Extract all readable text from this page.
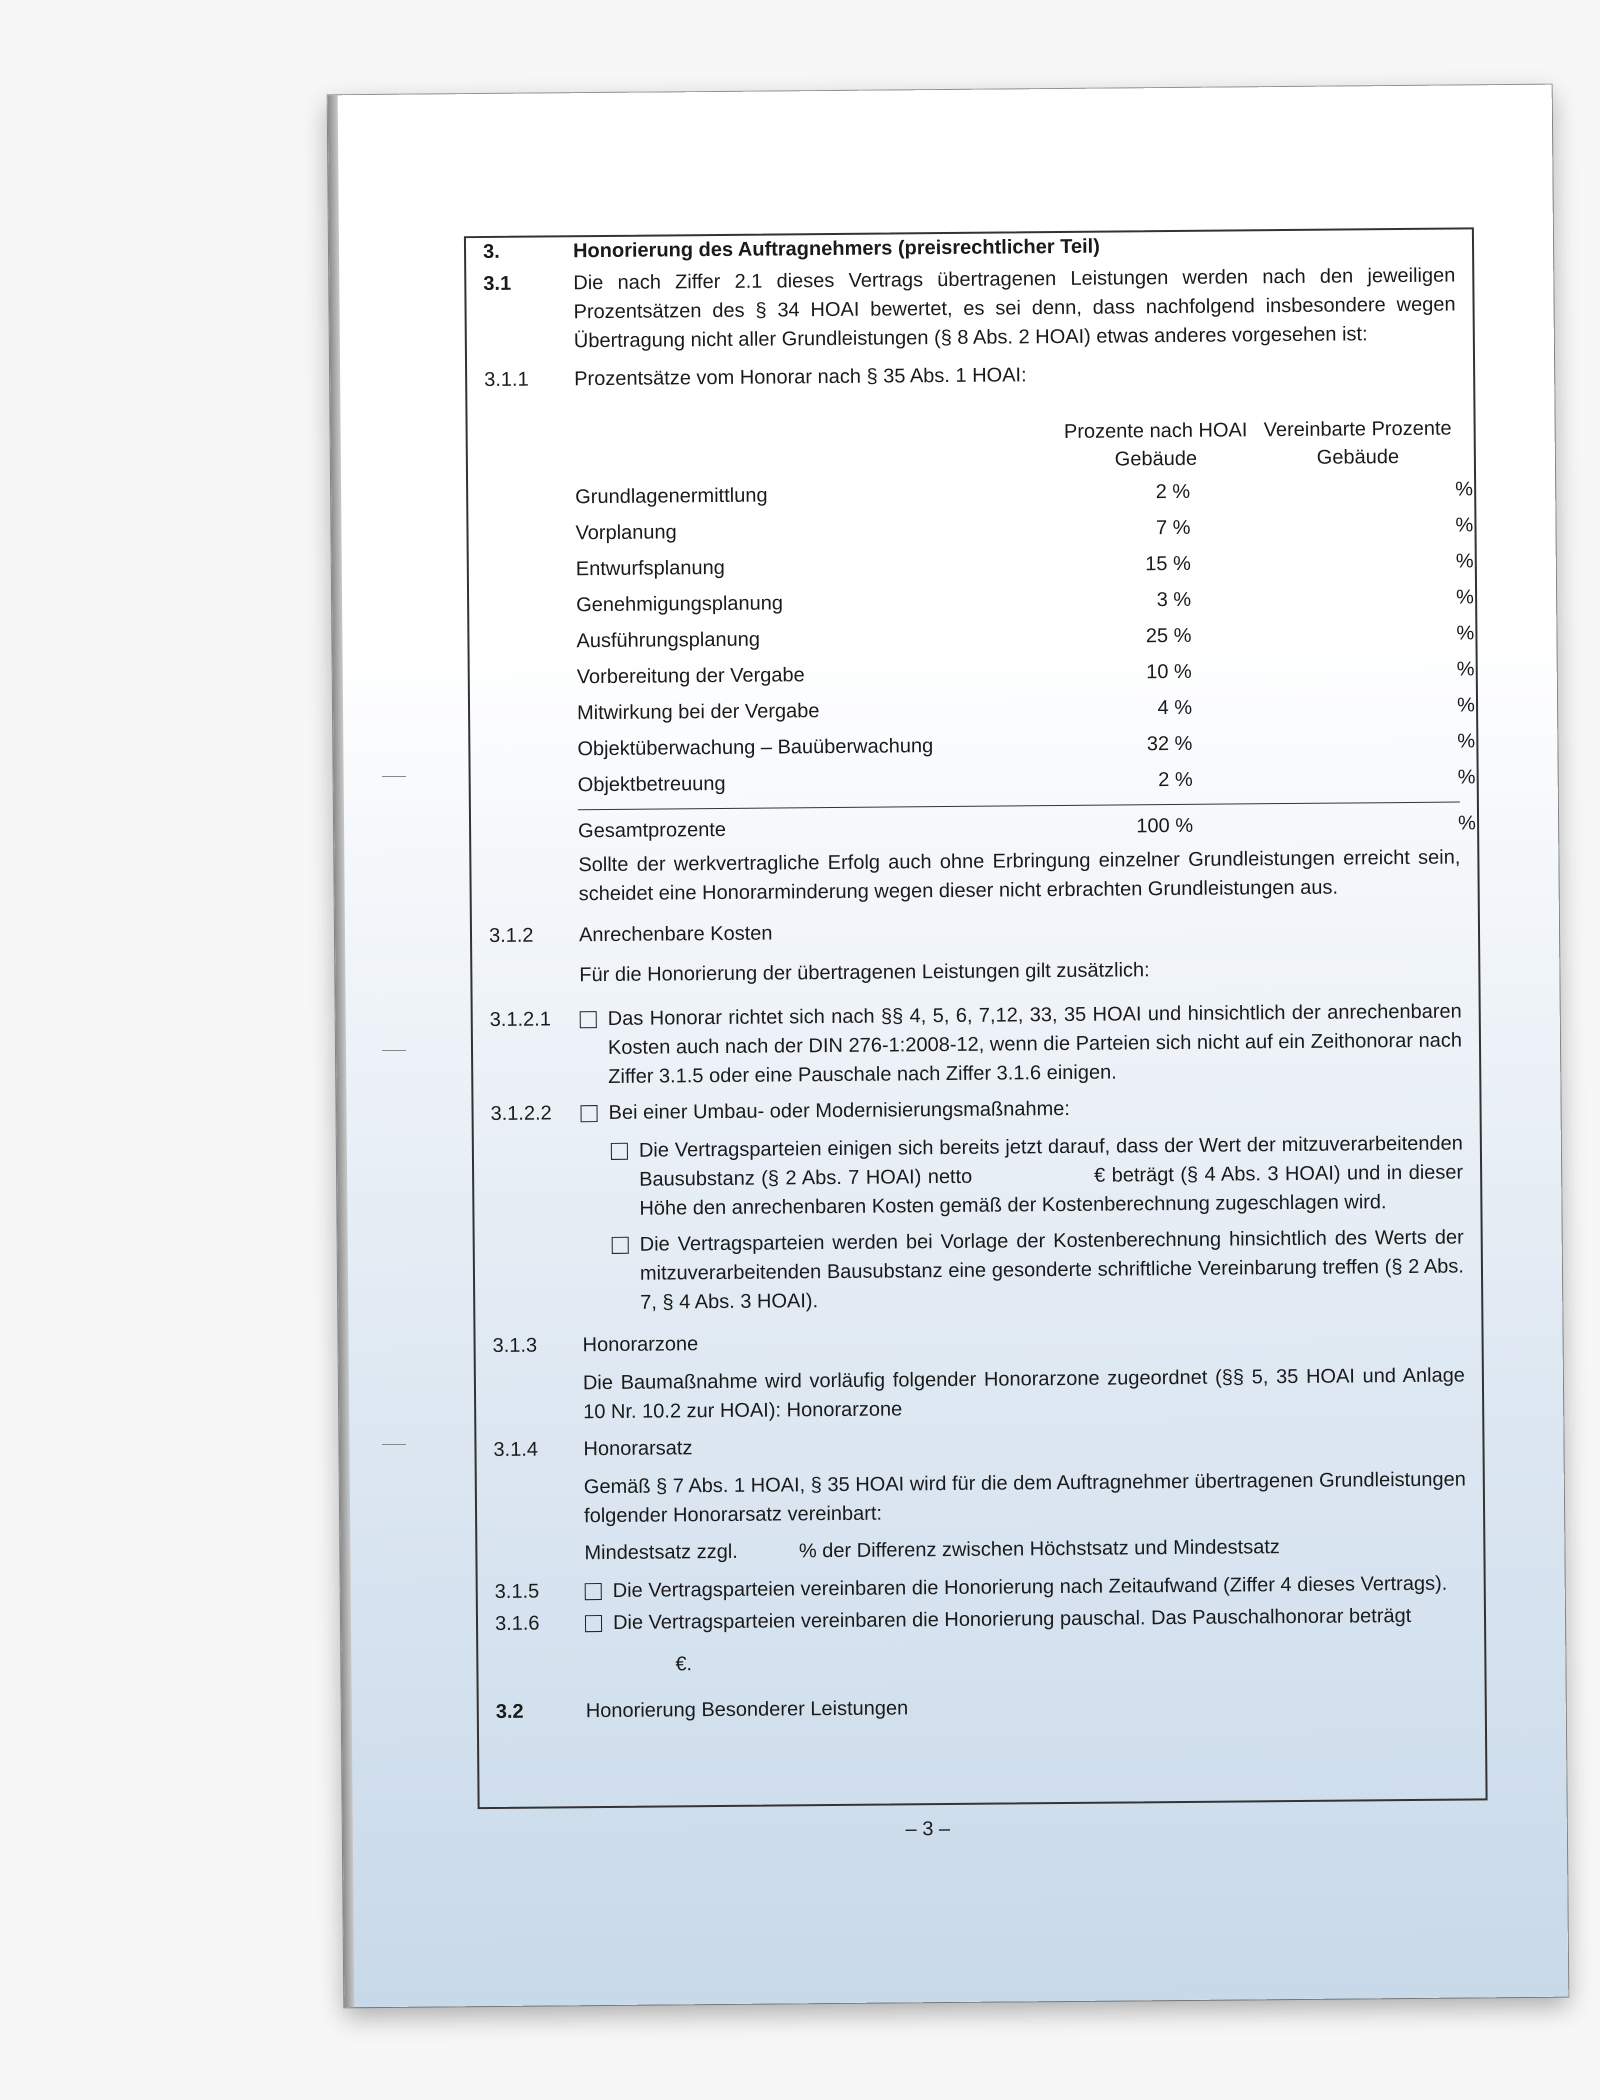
3.	Honorierung des Auftragnehmers (preisrechtlicher Teil)
3.1	Die nach Ziffer 2.1 dieses Vertrags übertragenen Leistungen werden nach den jeweiligen Prozentsätzen des § 34 HOAI bewertet, es sei denn, dass nachfolgend insbesondere wegen Übertragung nicht aller Grundleistungen (§ 8 Abs. 2 HOAI) etwas anderes vorgesehen ist:
3.1.1 Prozentsätze vom Honorar nach § 35 Abs. 1 HOAI:
Prozente nach HOAI Gebäude
Vereinbarte Prozente Gebäude
Grundlagenermittlung	2 %	%
Vorplanung	7 %	%
Entwurfsplanung	15 %	%
Genehmigungsplanung	3 %	%
Ausführungsplanung	25 %	%
Vorbereitung der Vergabe	10 %	%
Mitwirkung bei der Vergabe	4 %	%
Objektüberwachung – Bauüberwachung	32 %	%
Objektbetreuung	2 %	%
Gesamtprozente	100 %	%
Sollte der werkvertragliche Erfolg auch ohne Erbringung einzelner Grundleistungen erreicht sein, scheidet eine Honorarminderung wegen dieser nicht erbrachten Grundleistungen aus.
3.1.2 Anrechenbare Kosten
Für die Honorierung der übertragenen Leistungen gilt zusätzlich:
3.1.2.1	Das Honorar richtet sich nach §§ 4, 5, 6, 7,12, 33, 35 HOAI und hinsichtlich der anrechenbaren Kosten auch nach der DIN 276-1:2008-12, wenn die Parteien sich nicht auf ein Zeithonorar nach Ziffer 3.1.5 oder eine Pauschale nach Ziffer 3.1.6 einigen.
3.1.2.2	Bei einer Umbau- oder Modernisierungsmaßnahme:
Die Vertragsparteien einigen sich bereits jetzt darauf, dass der Wert der mitzuverarbeitenden Bausubstanz (§ 2 Abs. 7 HOAI) netto	€ beträgt (§ 4 Abs. 3 HOAI) und in dieser Höhe den anrechenbaren Kosten gemäß der Kostenberechnung zugeschlagen wird.
Die Vertragsparteien werden bei Vorlage der Kostenberechnung hinsichtlich des Werts der mitzuverarbeitenden Bausubstanz eine gesonderte schriftliche Vereinbarung treffen (§ 2 Abs. 7, § 4 Abs. 3 HOAI).
3.1.3 Honorarzone
Die Baumaßnahme wird vorläufig folgender Honorarzone zugeordnet (§§ 5, 35 HOAI und Anlage 10 Nr. 10.2 zur HOAI): Honorarzone
3.1.4 Honorarsatz
Gemäß § 7 Abs. 1 HOAI, § 35 HOAI wird für die dem Auftragnehmer übertragenen Grundleistungen folgender Honorarsatz vereinbart:
Mindestsatz zzgl.	% der Differenz zwischen Höchstsatz und Mindestsatz
3.1.5	Die Vertragsparteien vereinbaren die Honorierung nach Zeitaufwand (Ziffer 4 dieses Vertrags).
3.1.6	Die Vertragsparteien vereinbaren die Honorierung pauschal. Das Pauschalhonorar beträgt
€.
3.2	Honorierung Besonderer Leistungen
– 3 –
